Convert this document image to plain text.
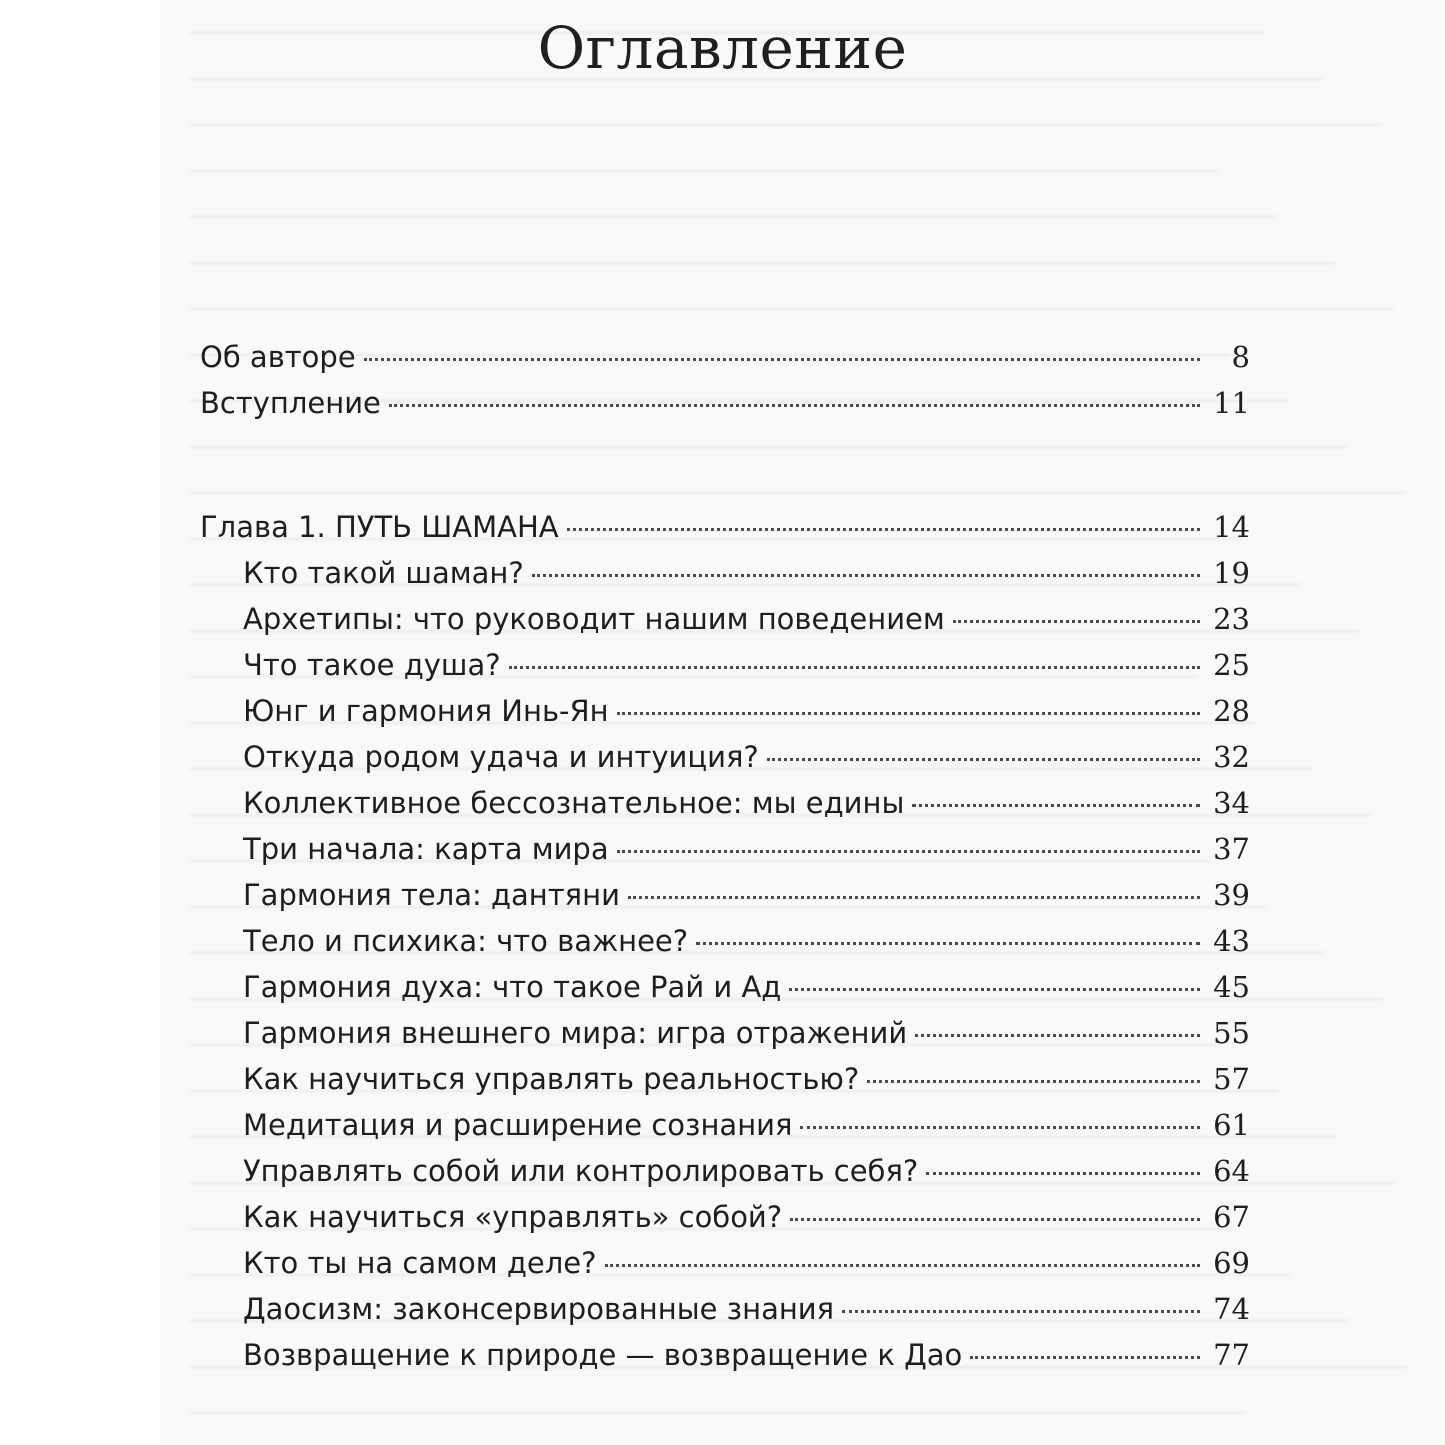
Оглавление
Об авторе	8
Вступление	11
Глава 1. ПУТЬ ШАМАНА	14
Кто такой шаман?	19
Архетипы: что руководит нашим поведением	23
Что такое душа?	25
Юнг и гармония Инь-Ян	28
Откуда родом удача и интуиция?	32
Коллективное бессознательное: мы едины	34
Три начала: карта мира	37
Гармония тела: дантяни	39
Тело и психика: что важнее?	43
Гармония духа: что такое Рай и Ад	45
Гармония внешнего мира: игра отражений	55
Как научиться управлять реальностью?	57
Медитация и расширение сознания	61
Управлять собой или контролировать себя?	64
Как научиться «управлять» собой?	67
Кто ты на самом деле?	69
Даосизм: законсервированные знания	74
Возвращение к природе — возвращение к Дао	77
